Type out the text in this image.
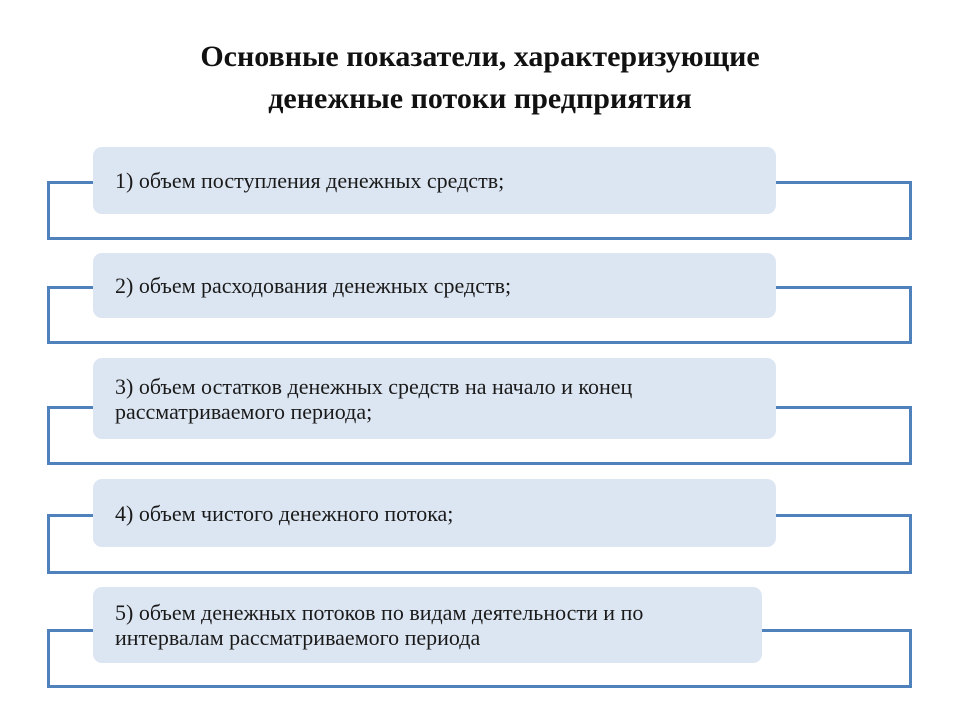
Основные показатели, характеризующие
денежные потоки предприятия
1) объем поступления денежных средств;
2) объем расходования денежных средств;
3) объем остатков денежных средств на начало и конец рассматриваемого периода;
4) объем чистого денежного потока;
5) объем денежных потоков по видам деятельности и по интервалам рассматриваемого периода
